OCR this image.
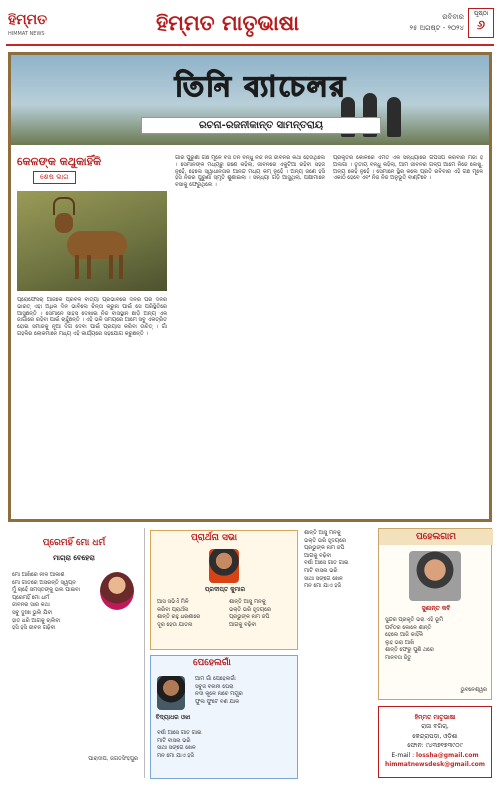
ହିମ୍ମତ
HIMMAT NEWS	ହିମ୍ମତ ମାତୃଭାଷା	ରବିବାର
୨୫ ଅଗଷ୍ଟ - ୨୦୨୪
ପୃଷ୍ଠା
୬
তিনি ব্যাচেলর
ରଚନା-ରଜନୀକାନ୍ତ ସାମନ୍ତରାୟ
କେଳଙ୍କ କଥୁକାହିଁକି
ଶେଷ ଭାଗ

ପ୍ରୋଫେସର୍ ଆଜକେ ପ୍ରବଳ ବାତ୍ୟା ପ୍ରଭାବରେ ଦିନର ପର ଦିନର ଭାରତ୍ ଏହା ଅଧିକ ଦିନ ଭାବିଲେ ଚିନ୍ତା କରୁନା ପାଇଁ ସେ ପରିସ୍ଥିତିରେ ଆସୁଛନ୍ତି । ସେମାନେ ସାହସ ଦେଖାଇ ନିଜ ବାସସ୍ଥାନ ଛାଡ଼ି ଅନ୍ୟ ଏକ ଜାଗାରେ ରହିବା ପାଇଁ ଚାହୁଁଛନ୍ତି । ଏହି ଭଳି ସମୟରେ ଆମେ ସବୁ ଏକତ୍ରିତ ହୋଇ ସମାଜକୁ ନୂଆ ଦିଗ ଦେବା ପାଇଁ ପ୍ରୟାସ କରିବା ଉଚିତ୍ । ଗାଁ ଗହଳିର ଲୋକମାନେ ମଧ୍ୟ ଏହି କାର୍ଯ୍ୟରେ ସହଯୋଗ କରୁଛନ୍ତି ।

ଗାଁର ପୁରୁଣା ଗଛ ମୂଳେ ବସି ତିନି ବନ୍ଧୁ ନିଜ ନିଜ ଜୀବନର କଥା ହେଉଥିଲେ । ସେମାନଙ୍କ ମଧ୍ୟରୁ ଜଣେ କହିଲା, ଜୀବନରେ ଏକୁଟିଆ ରହିବା ସହଜ ନୁହେଁ, ହେଲେ ସ୍ୱାଧୀନତାର ଆନନ୍ଦ ମଧ୍ୟ କମ୍ ନୁହେଁ । ଅନ୍ୟ ଜଣେ ହସି ହସି ନିଜର ପୁରୁଣା ସ୍ମୃତି ଶୁଣାଇଲା । ସନ୍ଧ୍ୟା ଗଡ଼ି ଆସୁଥିଲା, ପକ୍ଷୀମାନେ ବସାକୁ ଫେରୁଥିଲେ ।

ପ୍ରକୃତିର କୋଳରେ ଏମିତି ଏକ ସନ୍ଧ୍ୟାରେ ଗପସପ କରିବାର ମଜା ହିଁ ଅଲଗା । ତୃତୀୟ ବନ୍ଧୁ କହିଲା, ଆମ ଜୀବନର ଗଳ୍ପ ଆମେ ନିଜେ ଲେଖୁ, ଅନ୍ୟ କେହି ନୁହେଁ । ସେମାନେ ସ୍ଥିର କଲେ ପ୍ରତି ରବିବାର ଏହି ଗଛ ମୂଳେ ଏକାଠି ହେବେ ଏବଂ ନିଜ ନିଜ ଅନୁଭୂତି ବାଣ୍ଟିବେ ।

ପ୍ରେମହିଁ ମୋ ଧର୍ମ
ମାଗ୍ରା ବେହେରା
ମୋ ଆଖିରେ ନୀଳ ଆକାଶ
ମୋ ଗୀତରେ ଅସରନ୍ତି ସ୍ୱପ୍ନ
ମୁଁ ଚାହେଁ ସମସ୍ତଙ୍କୁ ଭଲ ପାଇବା
ପ୍ରେମହିଁ ମୋ ଧର୍ମ
ଜୀବନର ସାର କଥା
ସବୁ ଦୁଃଖ ଭୁଲି ଯିବା
ହାତ ଧରି ଆଗକୁ ଚାଲିବା
ହସି ହସି ଜୀବନ ଗଢ଼ିବା
ପାରାଦୀପ, ଜଗତସିଂହପୁର
ପ୍ରାର୍ଥନା ସଭା
ପ୍ରଦୀପ୍ତ କୁମାର
ଆସ ସଭିଏଁ ମିଳି
କରିବା ପ୍ରାର୍ଥନା
ଶାନ୍ତି ରହୁ ଧରଣୀରେ
ଦୂର ହେଉ ଯାତନା
ଶାନ୍ତି ଆସୁ ମନକୁ
ଭକ୍ତି ଭରି ହୃଦୟରେ
ପ୍ରଭୁଙ୍କ ନାମ ଜପି
ଆଗକୁ ବଢ଼ିବା
ପେହେଲଗାଁ
ବିଦ୍ୟାଧର ଓଝା
ଆମ ଗାଁ ପେହେଲଗାଁ
ସବୁଜ ବନାନୀ ଘେରା
ନଦୀ କୂଳେ ନାଚେ ମୟୂର
ଫୁଲ ଫୁଟେ ବଣ ଯାକ
ବର୍ଷା ଆସେ ଗୀତ ଗାଇ
ମାଟି ବାସନା ଭରି
ସାଥୀ ସଙ୍ଗେ ଖେଳ
ମନ ମୋ ଯାଏ ହଜି
ଶାନ୍ତି ଆସୁ ମନକୁ
ଭକ୍ତି ଭରି ହୃଦୟରେ
ପ୍ରଭୁଙ୍କ ନାମ ଜପି
ଆଗକୁ ବଢ଼ିବା
ବର୍ଷା ଆସେ ଗୀତ ଗାଇ
ମାଟି ବାସନା ଭରି
ସାଥୀ ସଙ୍ଗେ ଖେଳ
ମନ ମୋ ଯାଏ ହଜି
ପହେଲଗାମ
ସୁଶାନ୍ତ କବି
ସୁନ୍ଦର ପ୍ରକୃତି ଭରା ଏହି ଭୂମି
ପର୍ବତର କୋଳେ ଶାନ୍ତି
ହେଲେ ଆଜି କାହିଁକି
ଲୁହ ଭରା ଆଖି
ଶାନ୍ତି ଫେରୁ ପୁଣି ଥରେ
ମାନବତା ଜିତୁ
ଭୁବନେଶ୍ୱର
ହିମ୍ମତ ମାତୃଭାଷା
ରାଜା ବଗିଚା,
କେନ୍ଦ୍ରାପଡ଼ା, ଓଡ଼ିଶା
ଫୋନ: ୯୪୩୭୧୭୩୯୦୯
E-mail : lossha@gmail.com
himmatnewsdesk@gmail.com
